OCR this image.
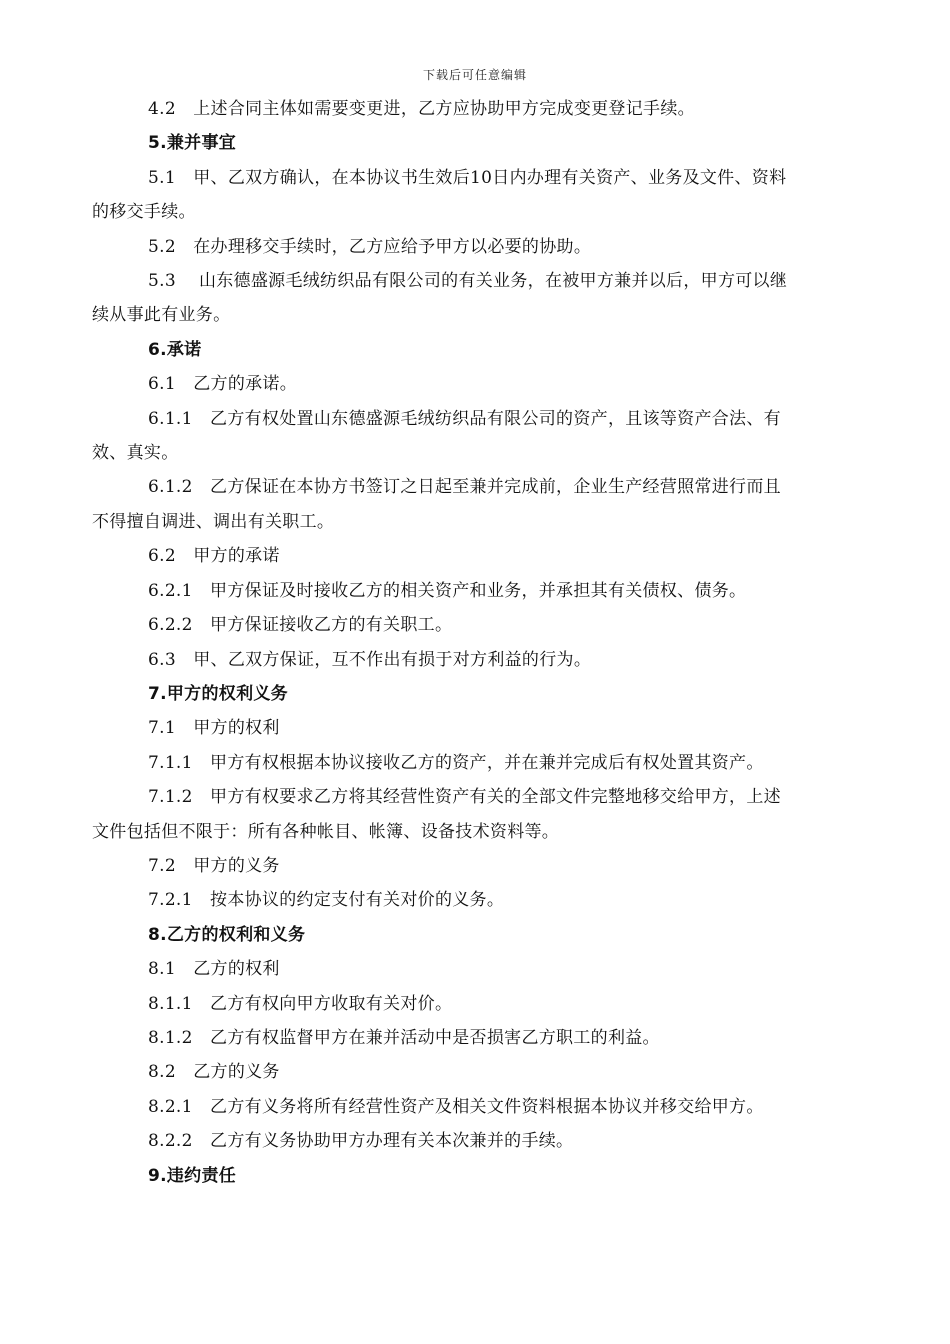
下载后可任意编辑
4.2　上述合同主体如需要变更进，乙方应协助甲方完成变更登记手续。
5.兼并事宜
5.1　甲、乙双方确认，在本协议书生效后10日内办理有关资产、业务及文件、资料
的移交手续。
5.2　在办理移交手续时，乙方应给予甲方以必要的协助。
5.3　 山东德盛源毛绒纺织品有限公司的有关业务，在被甲方兼并以后，甲方可以继
续从事此有业务。
6.承诺
6.1　乙方的承诺。
6.1.1　乙方有权处置山东德盛源毛绒纺织品有限公司的资产，且该等资产合法、有
效、真实。
6.1.2　乙方保证在本协方书签订之日起至兼并完成前，企业生产经营照常进行而且
不得擅自调进、调出有关职工。
6.2　甲方的承诺
6.2.1　甲方保证及时接收乙方的相关资产和业务，并承担其有关债权、债务。
6.2.2　甲方保证接收乙方的有关职工。
6.3　甲、乙双方保证，互不作出有损于对方利益的行为。
7.甲方的权利义务
7.1　甲方的权利
7.1.1　甲方有权根据本协议接收乙方的资产，并在兼并完成后有权处置其资产。
7.1.2　甲方有权要求乙方将其经营性资产有关的全部文件完整地移交给甲方，上述
文件包括但不限于：所有各种帐目、帐簿、设备技术资料等。
7.2　甲方的义务
7.2.1　按本协议的约定支付有关对价的义务。
8.乙方的权利和义务
8.1　乙方的权利
8.1.1　乙方有权向甲方收取有关对价。
8.1.2　乙方有权监督甲方在兼并活动中是否损害乙方职工的利益。
8.2　乙方的义务
8.2.1　乙方有义务将所有经营性资产及相关文件资料根据本协议并移交给甲方。
8.2.2　乙方有义务协助甲方办理有关本次兼并的手续。
9.违约责任
